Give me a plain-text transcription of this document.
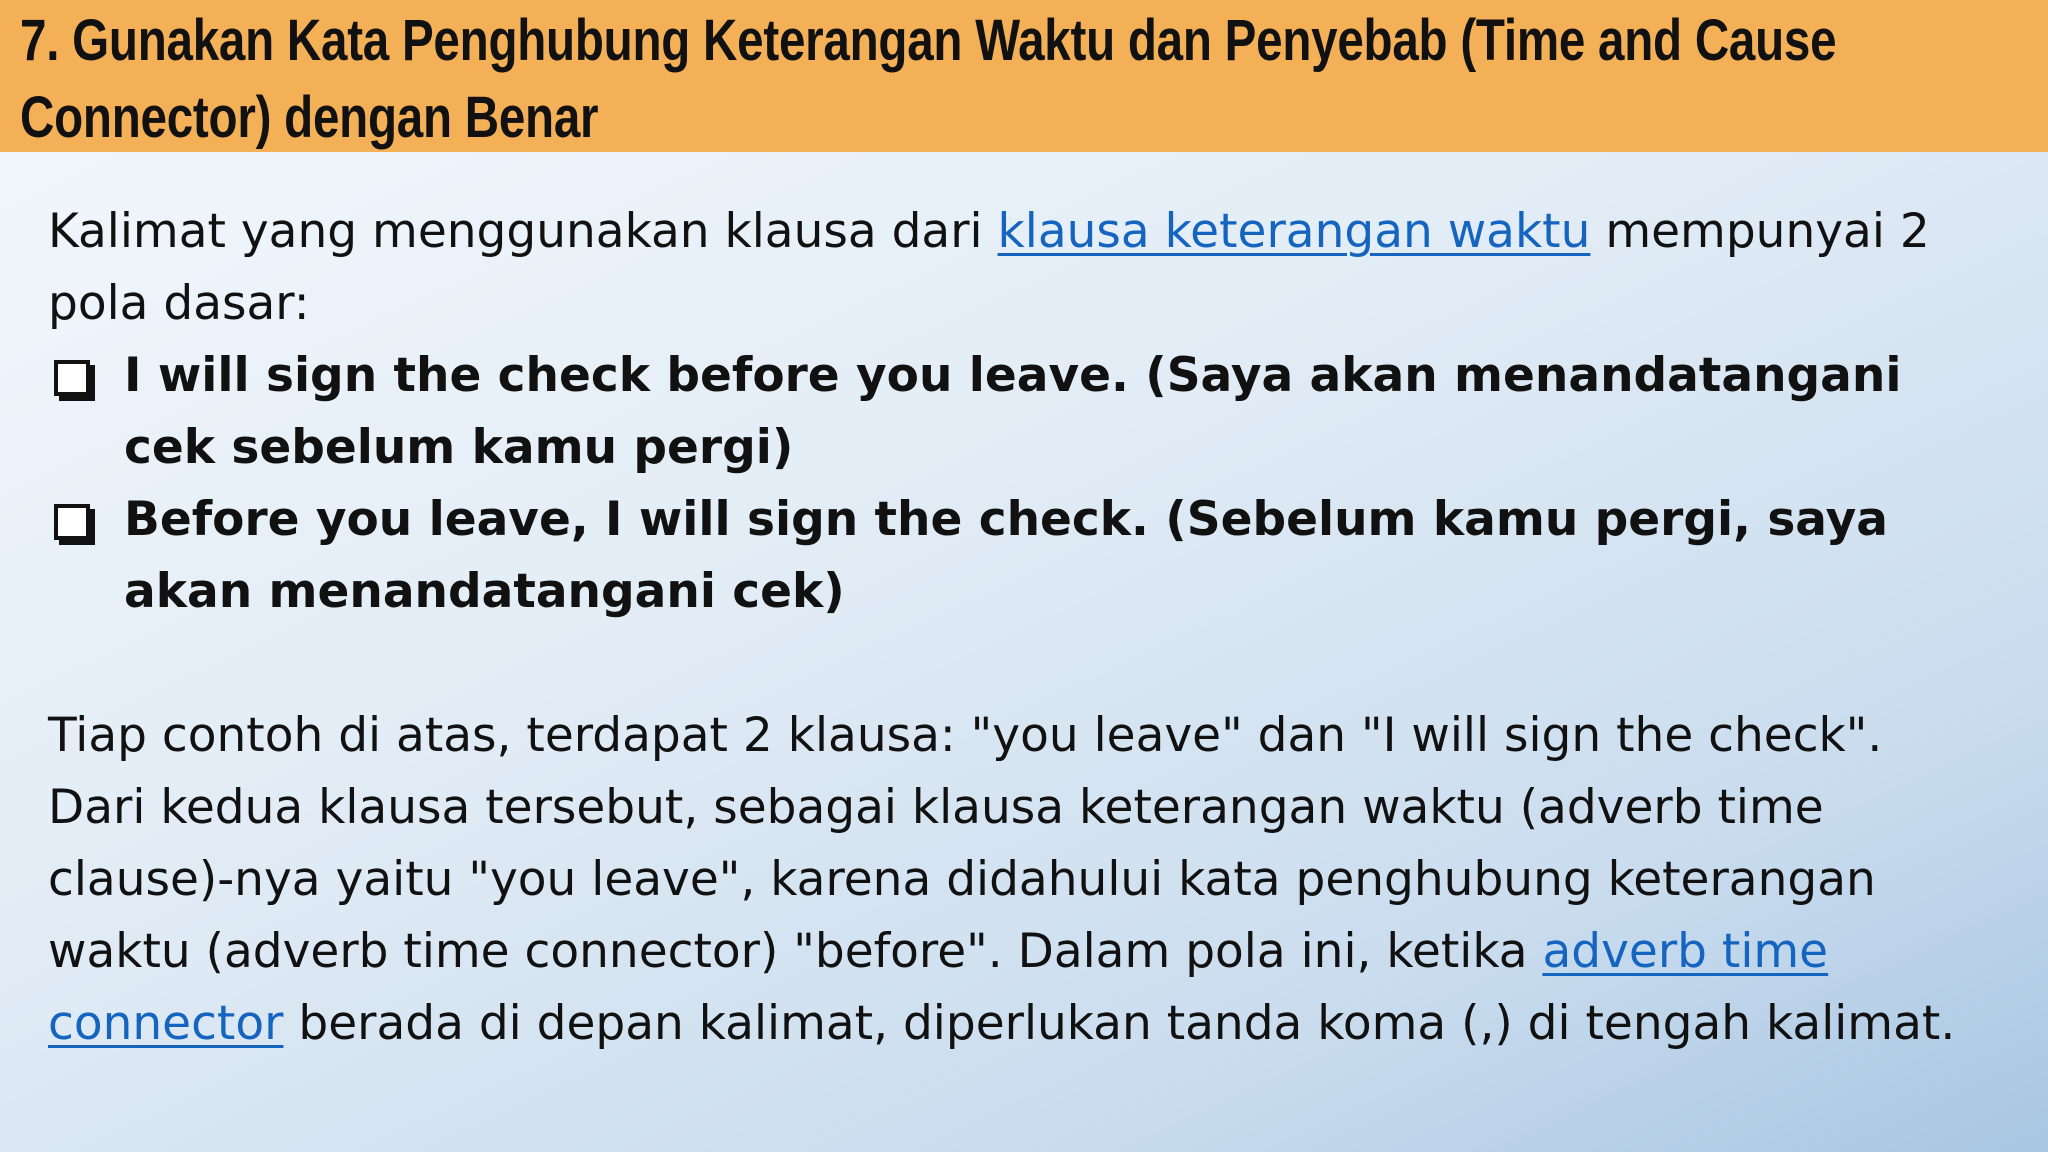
7. Gunakan Kata Penghubung Keterangan Waktu dan Penyebab (Time and Cause Connector) dengan Benar

Kalimat yang menggunakan klausa dari klausa keterangan waktu mempunyai 2 pola dasar:

I will sign the check before you leave. (Saya akan menandatangani cek sebelum kamu pergi)
Before you leave, I will sign the check. (Sebelum kamu pergi, saya akan menandatangani cek)

Tiap contoh di atas, terdapat 2 klausa: "you leave" dan "I will sign the check". Dari kedua klausa tersebut, sebagai klausa keterangan waktu (adverb time clause)-nya yaitu "you leave", karena didahului kata penghubung keterangan waktu (adverb time connector) "before". Dalam pola ini, ketika adverb time connector berada di depan kalimat, diperlukan tanda koma (,) di tengah kalimat.
